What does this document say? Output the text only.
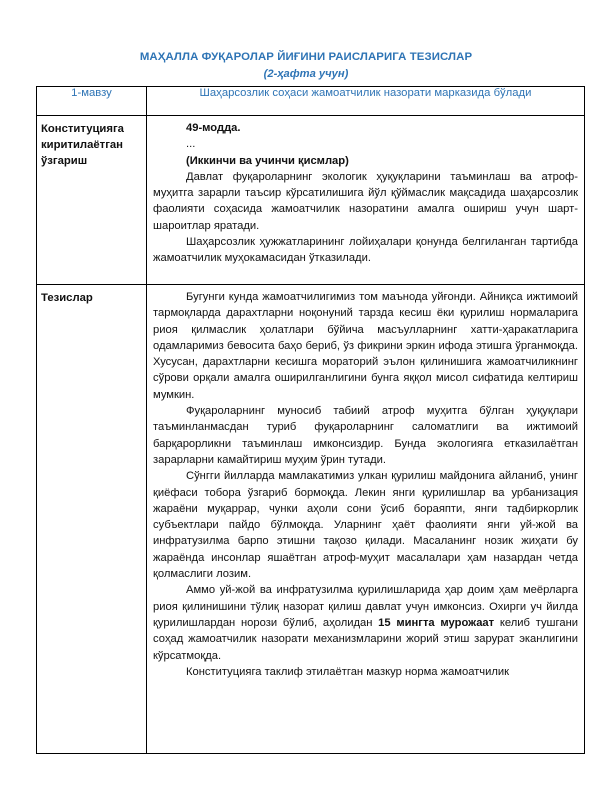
МАҲАЛЛА ФУҚАРОЛАР ЙИҒИНИ РАИСЛАРИГА ТЕЗИСЛАР
(2-ҳафта учун)
1-мавзу	Шаҳарсозлик соҳаси жамоатчилик назорати марказида бўлади
Конституцияга киритилаётган ўзгариш	49-модда.

...

(Иккинчи ва учинчи қисмлар)

Давлат фуқароларнинг экологик ҳуқуқларини таъминлаш ва атроф-муҳитга зарарли таъсир кўрсатилишига йўл қўймаслик мақсадида шаҳарсозлик фаолияти соҳасида жамоатчилик назоратини амалга ошириш учун шарт-шароитлар яратади.

Шаҳарсозлик ҳужжатларининг лойиҳалари қонунда белгиланган тартибда жамоатчилик муҳокамасидан ўтказилади.

Тезислар	Бугунги кунда жамоатчилигимиз том маънода уйғонди. Айниқса ижтимоий тармоқларда дарахтларни ноқонуний тарзда кесиш ёки қурилиш нормаларига риоя қилмаслик ҳолатлари бўйича масъулларнинг хатти-ҳаракатларига одамларимиз бевосита баҳо бериб, ўз фикрини эркин ифода этишга ўрганмоқда. Хусусан, дарахтларни кесишга мораторий эълон қилинишига жамоатчиликнинг сўрови орқали амалга оширилганлигини бунга яққол мисол сифатида келтириш мумкин.

Фуқароларнинг муносиб табиий атроф муҳитга бўлган ҳуқуқлари таъминланмасдан туриб фуқароларнинг саломатлиги ва ижтимоий барқарорликни таъминлаш имконсиздир. Бунда экологияга етказилаётган зарарларни камайтириш муҳим ўрин тутади.

Сўнгги йилларда мамлакатимиз улкан қурилиш майдонига айланиб, унинг қиёфаси тобора ўзгариб бормоқда. Лекин янги қурилишлар ва урбанизация жараёни муқаррар, чунки аҳоли сони ўсиб бораяпти, янги тадбиркорлик субъектлари пайдо бўлмоқда. Уларнинг ҳаёт фаолияти янги уй-жой ва инфратузилма барпо этишни тақозо қилади. Масаланинг нозик жиҳати бу жараёнда инсонлар яшаётган атроф-муҳит масалалари ҳам назардан четда қолмаслиги лозим.

Аммо уй-жой ва инфратузилма қурилишларида ҳар доим ҳам меёрларга риоя қилинишини тўлиқ назорат қилиш давлат учун имконсиз. Охирги уч йилда қурилишлардан норози бўлиб, аҳолидан 15 мингта мурожаат келиб тушгани соҳад жамоатчилик назорати механизмларини жорий этиш зарурат эканлигини кўрсатмоқда.

Конституцияга таклиф этилаётган мазкур норма жамоатчилик
